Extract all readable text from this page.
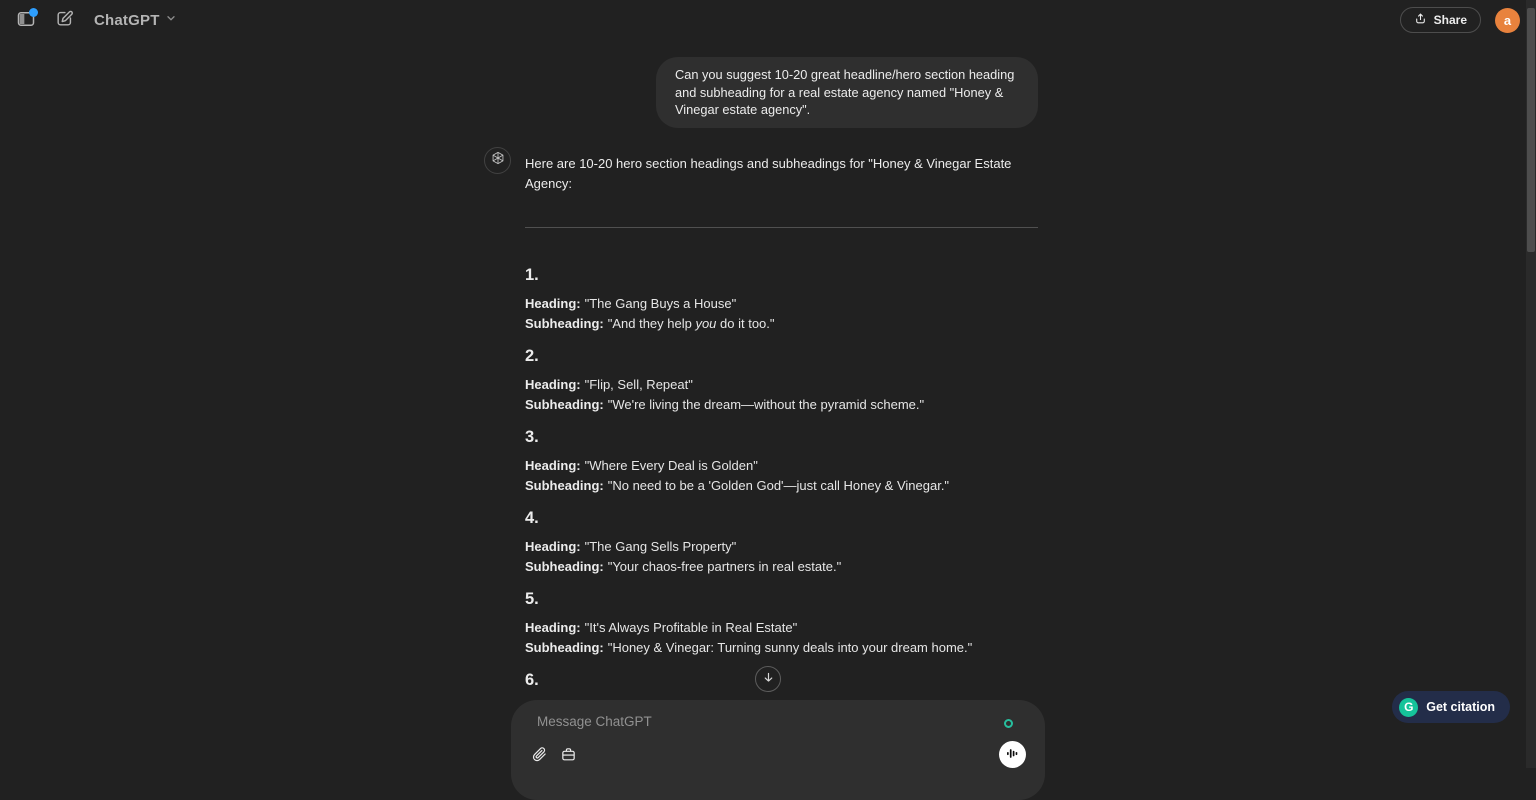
ChatGPT	Share	a
Can you suggest 10-20 great headline/hero section heading and subheading for a real estate agency named "Honey & Vinegar estate agency".

Here are 10-20 hero section headings and subheadings for "Honey & Vinegar Estate Agency:

1.

Heading: "The Gang Buys a House"

Subheading: "And they help you do it too."

2.

Heading: "Flip, Sell, Repeat"

Subheading: "We're living the dream—without the pyramid scheme."

3.

Heading: "Where Every Deal is Golden"

Subheading: "No need to be a 'Golden God'—just call Honey & Vinegar."

4.

Heading: "The Gang Sells Property"

Subheading: "Your chaos-free partners in real estate."

5.

Heading: "It's Always Profitable in Real Estate"

Subheading: "Honey & Vinegar: Turning sunny deals into your dream home."

6.

Message ChatGPT
G Get citation
